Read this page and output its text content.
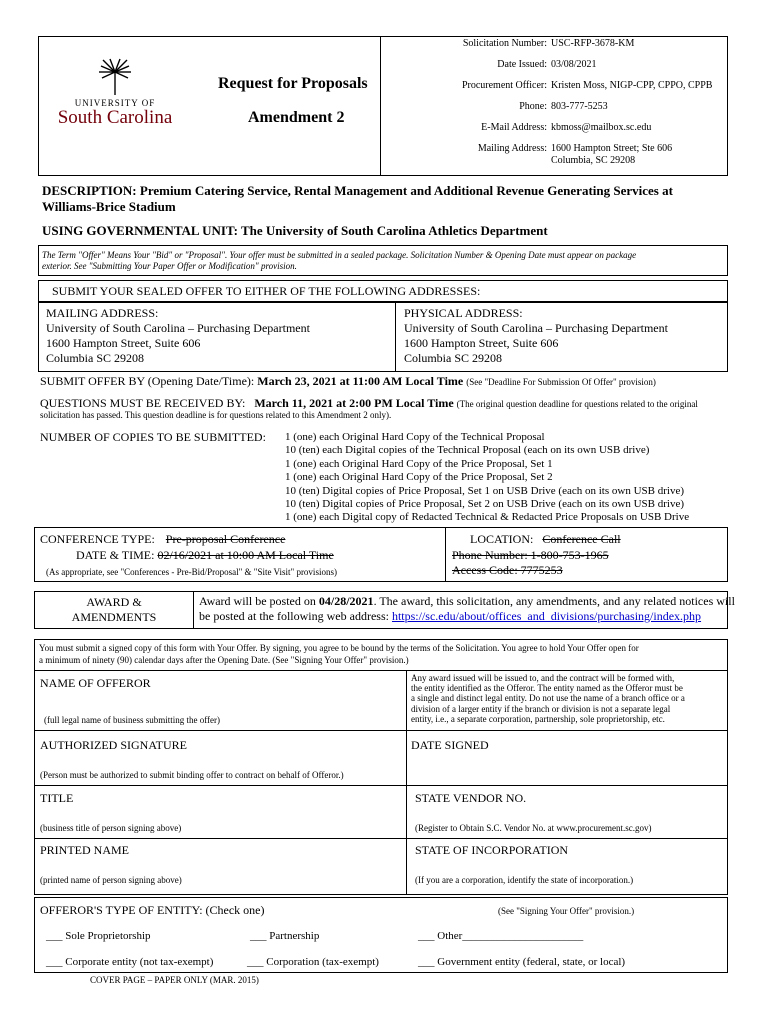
UNIVERSITY OF
South Carolina
Request for Proposals
Amendment 2
Solicitation Number: USC-RFP-3678-KM
Date Issued: 03/08/2021
Procurement Officer: Kristen Moss, NIGP-CPP, CPPO, CPPB
Phone: 803-777-5253
E-Mail Address: kbmoss@mailbox.sc.edu
Mailing Address: 1600 Hampton Street; Ste 606
Columbia, SC 29208
DESCRIPTION: Premium Catering Service, Rental Management and Additional Revenue Generating Services at
Williams-Brice Stadium
USING GOVERNMENTAL UNIT: The University of South Carolina Athletics Department
The Term "Offer" Means Your "Bid" or "Proposal". Your offer must be submitted in a sealed package. Solicitation Number & Opening Date must appear on package
exterior. See "Submitting Your Paper Offer or Modification" provision.
SUBMIT YOUR SEALED OFFER TO EITHER OF THE FOLLOWING ADDRESSES:
MAILING ADDRESS:
University of South Carolina – Purchasing Department
1600 Hampton Street, Suite 606
Columbia SC 29208
PHYSICAL ADDRESS:
University of South Carolina – Purchasing Department
1600 Hampton Street, Suite 606
Columbia SC 29208
SUBMIT OFFER BY (Opening Date/Time): March 23, 2021 at 11:00 AM Local Time (See "Deadline For Submission Of Offer" provision)
QUESTIONS MUST BE RECEIVED BY: March 11, 2021 at 2:00 PM Local Time (The original question deadline for questions related to the original
solicitation has passed. This question deadline is for questions related to this Amendment 2 only).
NUMBER OF COPIES TO BE SUBMITTED: 1 (one) each Original Hard Copy of the Technical Proposal
10 (ten) each Digital copies of the Technical Proposal (each on its own USB drive)
1 (one) each Original Hard Copy of the Price Proposal, Set 1
1 (one) each Original Hard Copy of the Price Proposal, Set 2
10 (ten) Digital copies of Price Proposal, Set 1 on USB Drive (each on its own USB drive)
10 (ten) Digital copies of Price Proposal, Set 2 on USB Drive (each on its own USB drive)
1 (one) each Digital copy of Redacted Technical & Redacted Price Proposals on USB Drive
CONFERENCE TYPE: Pre-proposal Conference
DATE & TIME: 02/16/2021 at 10:00 AM Local Time
(As appropriate, see "Conferences - Pre-Bid/Proposal" & "Site Visit" provisions)
LOCATION: Conference Call
Phone Number: 1-800-753-1965
Access Code: 7775253
AWARD &
AMENDMENTS
Award will be posted on 04/28/2021. The award, this solicitation, any amendments, and any related notices will
be posted at the following web address: https://sc.edu/about/offices_and_divisions/purchasing/index.php
You must submit a signed copy of this form with Your Offer. By signing, you agree to be bound by the terms of the Solicitation. You agree to hold Your Offer open for
a minimum of ninety (90) calendar days after the Opening Date. (See "Signing Your Offer" provision.)
NAME OF OFFEROR
(full legal name of business submitting the offer)
Any award issued will be issued to, and the contract will be formed with,
the entity identified as the Offeror. The entity named as the Offeror must be
a single and distinct legal entity. Do not use the name of a branch office or a
division of a larger entity if the branch or division is not a separate legal
entity, i.e., a separate corporation, partnership, sole proprietorship, etc.
AUTHORIZED SIGNATURE
(Person must be authorized to submit binding offer to contract on behalf of Offeror.)
DATE SIGNED
TITLE
(business title of person signing above)
STATE VENDOR NO.
(Register to Obtain S.C. Vendor No. at www.procurement.sc.gov)
PRINTED NAME
(printed name of person signing above)
STATE OF INCORPORATION
(If you are a corporation, identify the state of incorporation.)
OFFEROR'S TYPE OF ENTITY: (Check one)	(See "Signing Your Offer" provision.)
___ Sole Proprietorship	___ Partnership	___ Other______________________
___ Corporate entity (not tax-exempt)	___ Corporation (tax-exempt)	___ Government entity (federal, state, or local)
COVER PAGE – PAPER ONLY (MAR. 2015)
